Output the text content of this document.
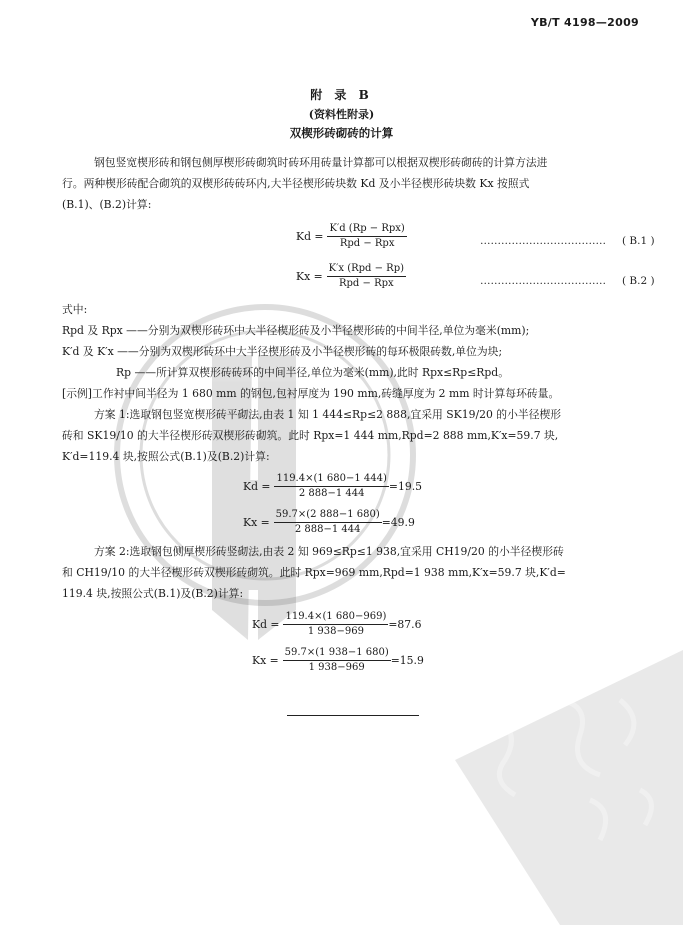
YB/T 4198—2009
附 录 B
(资料性附录)
双楔形砖砌砖的计算
钢包竖宽楔形砖和钢包侧厚楔形砖砌筑时砖环用砖量计算都可以根据双楔形砖砌砖的计算方法进
行。两种楔形砖配合砌筑的双楔形砖砖环内,大半径楔形砖块数 Kd 及小半径楔形砖块数 Kx 按照式
(B.1)、(B.2)计算:
$Kd = \frac{\text{K′d (Rp − Rpx)}}{\text{Rpd − Rpx}}$	……………………………… ( B.1 )
$Kx = \frac{\text{K′x (Rpd − Rp)}}{\text{Rpd − Rpx}}$	……………………………… ( B.2 )
式中:
Rpd 及 Rpx ——分别为双楔形砖环中大半径楔形砖及小半径楔形砖的中间半径,单位为毫米(mm);
K′d 及 K′x ——分别为双楔形砖环中大半径楔形砖及小半径楔形砖的每环极限砖数,单位为块;
Rp ——所计算双楔形砖砖环的中间半径,单位为毫米(mm),此时 Rpx≤Rp≤Rpd。
[示例]工作衬中间半径为 1 680 mm 的钢包,包衬厚度为 190 mm,砖缝厚度为 2 mm 时计算每环砖量。
方案 1:选取钢包竖宽楔形砖平砌法,由表 1 知 1 444≤Rp≤2 888,宜采用 SK19/20 的小半径楔形
砖和 SK19/10 的大半径楔形砖双楔形砖砌筑。此时 Rpx=1 444 mm,Rpd=2 888 mm,K′x=59.7 块,
K′d=119.4 块,按照公式(B.1)及(B.2)计算:
$Kd = \frac{119.4\times(1 680-1 444)}{2 888-1 444} =19.5$
$Kx = \frac{59.7\times(2 888-1 680)}{2 888-1 444} =49.9$
方案 2:选取钢包侧厚楔形砖竖砌法,由表 2 知 969≤Rp≤1 938,宜采用 CH19/20 的小半径楔形砖
和 CH19/10 的大半径楔形砖双楔形砖砌筑。此时 Rpx=969 mm,Rpd=1 938 mm,K′x=59.7 块,K′d=
119.4 块,按照公式(B.1)及(B.2)计算:
$Kd = \frac{119.4\times(1 680-969)}{1 938-969} =87.6$
$Kx = \frac{59.7\times(1 938-1 680)}{1 938-969} =15.9$
